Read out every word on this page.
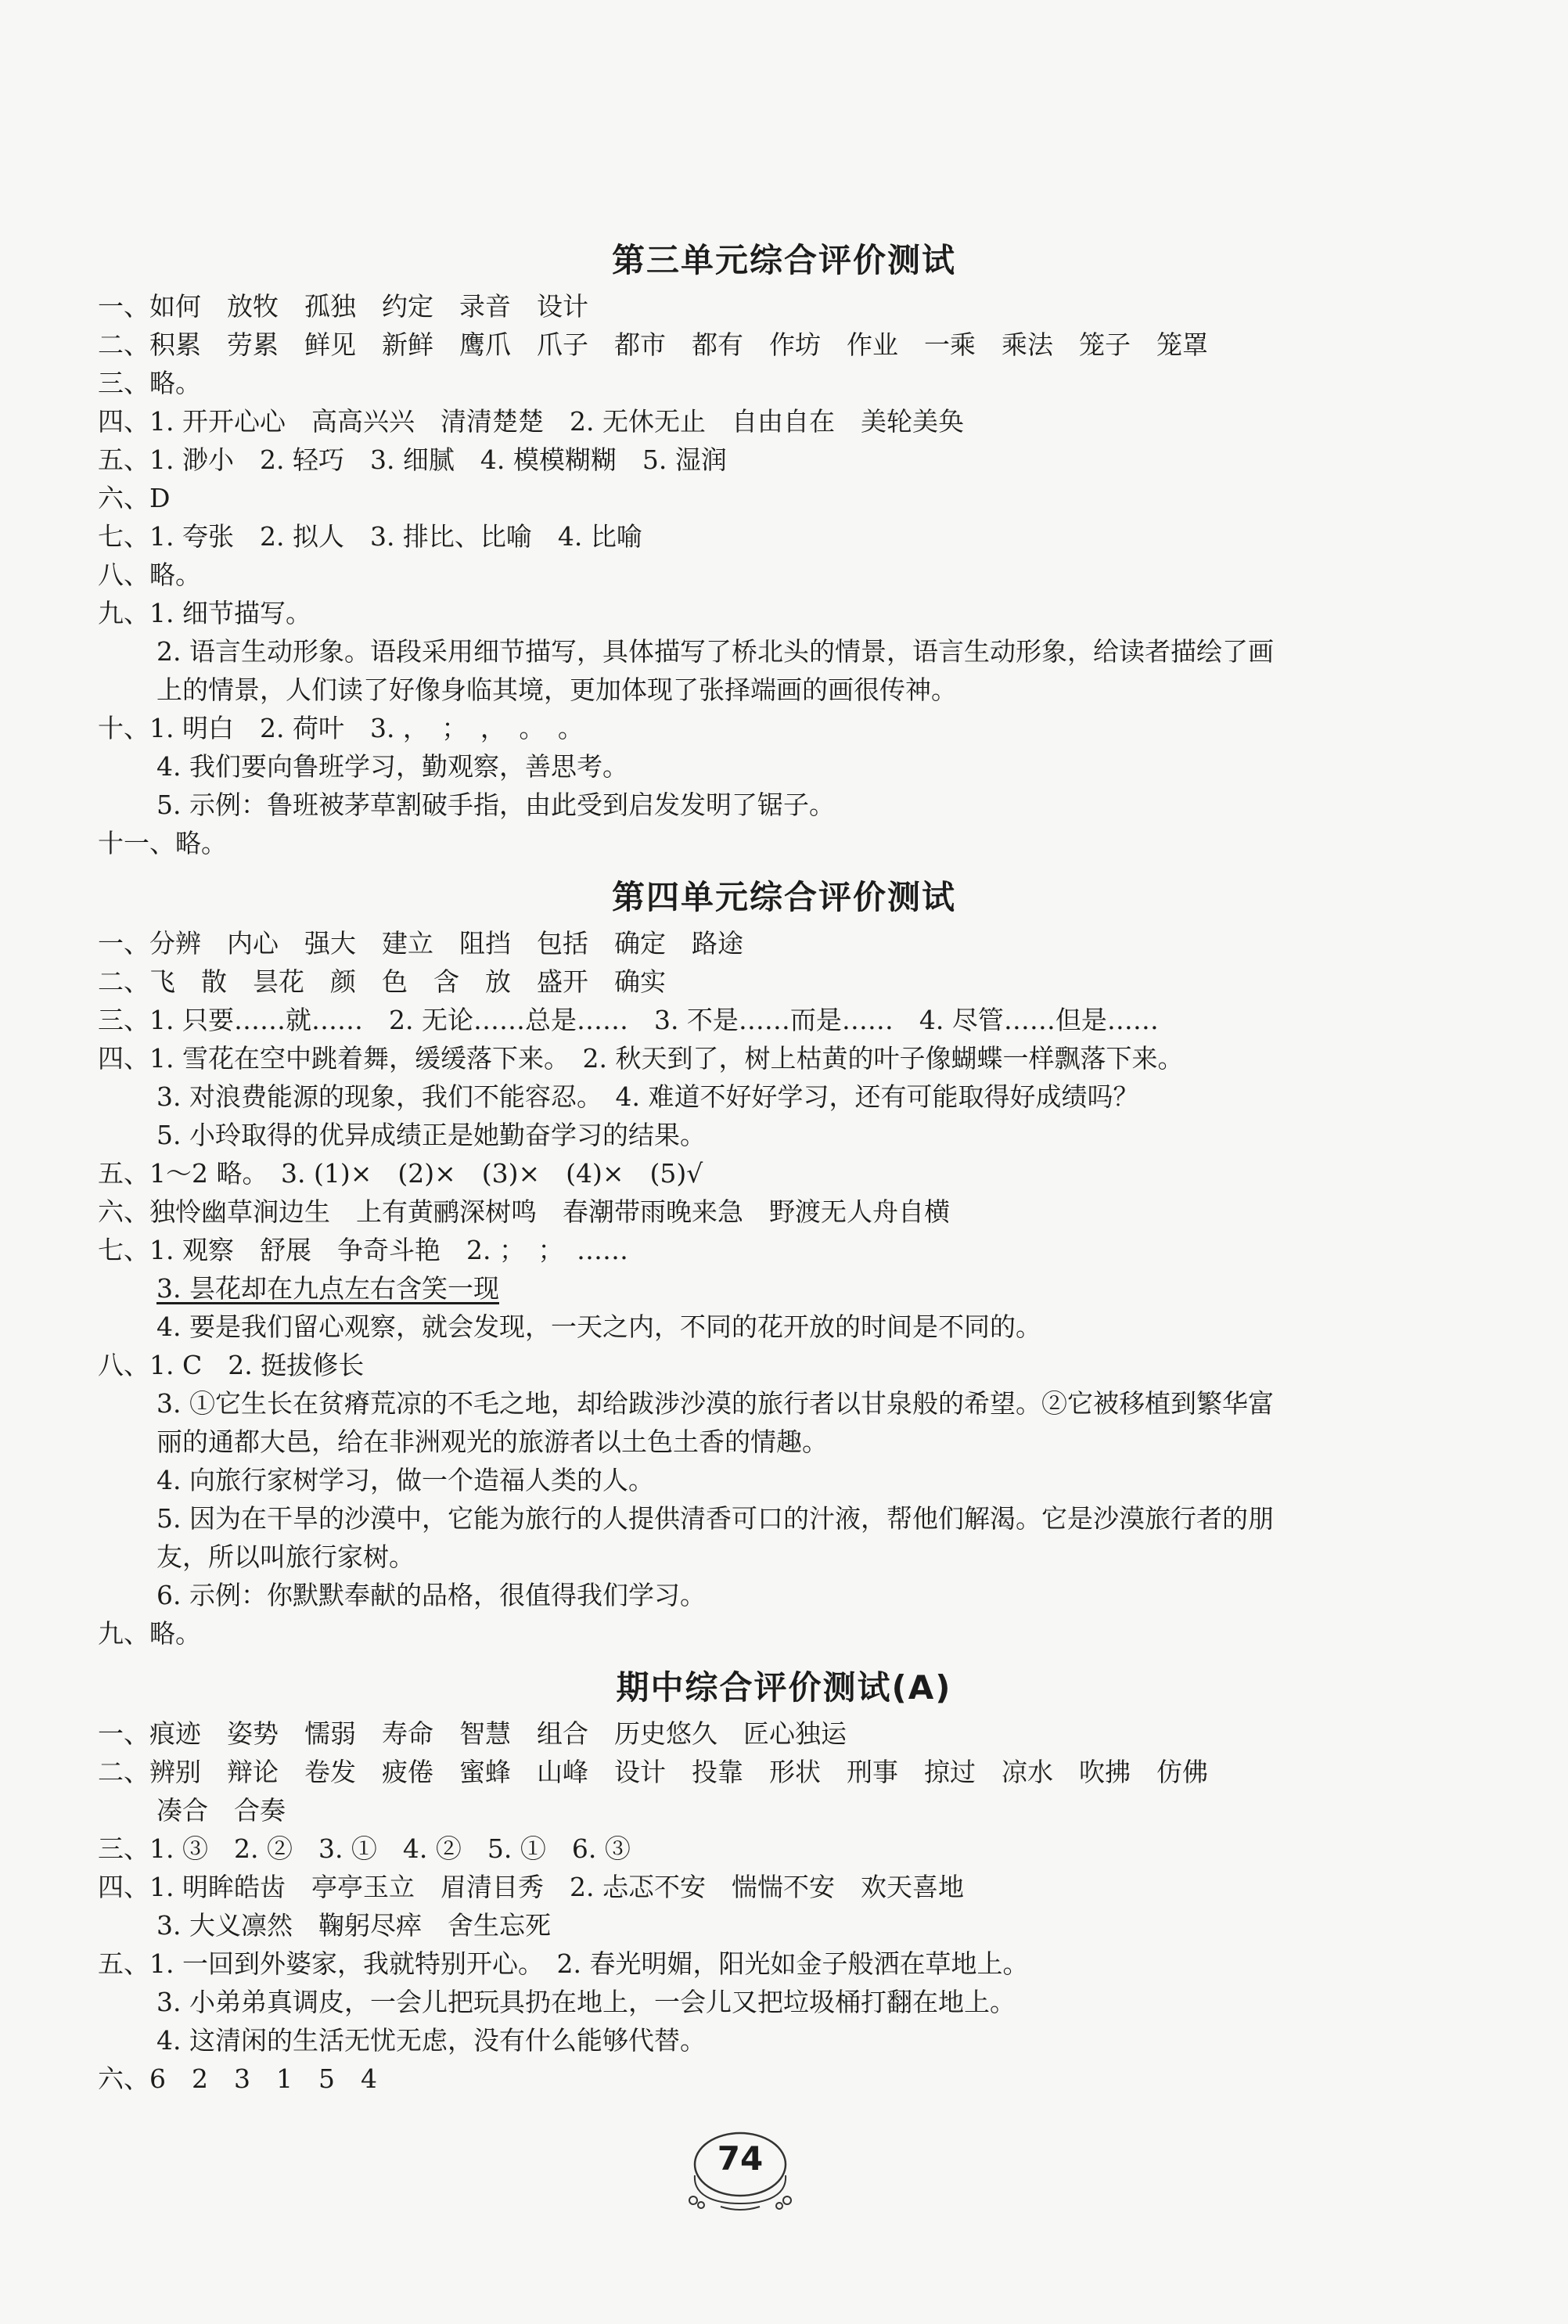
第三单元综合评价测试
一、如何　放牧　孤独　约定　录音　设计
二、积累　劳累　鲜见　新鲜　鹰爪　爪子　都市　都有　作坊　作业　一乘　乘法　笼子　笼罩
三、略。
四、1. 开开心心　高高兴兴　清清楚楚　2. 无休无止　自由自在　美轮美奂
五、1. 渺小　2. 轻巧　3. 细腻　4. 模模糊糊　5. 湿润
六、D
七、1. 夸张　2. 拟人　3. 排比、比喻　4. 比喻
八、略。
九、1. 细节描写。
2. 语言生动形象。语段采用细节描写，具体描写了桥北头的情景，语言生动形象，给读者描绘了画
上的情景，人们读了好像身临其境，更加体现了张择端画的画很传神。
十、1. 明白　2. 荷叶　3. ，　；　，　。　。
4. 我们要向鲁班学习，勤观察，善思考。
5. 示例：鲁班被茅草割破手指，由此受到启发发明了锯子。
十一、略。
第四单元综合评价测试
一、分辨　内心　强大　建立　阻挡　包括　确定　路途
二、飞　散　昙花　颜　色　含　放　盛开　确实
三、1. 只要……就……　2. 无论……总是……　3. 不是……而是……　4. 尽管……但是……
四、1. 雪花在空中跳着舞，缓缓落下来。　2. 秋天到了，树上枯黄的叶子像蝴蝶一样飘落下来。
3. 对浪费能源的现象，我们不能容忍。　4. 难道不好好学习，还有可能取得好成绩吗？
5. 小玲取得的优异成绩正是她勤奋学习的结果。
五、1～2 略。　3. (1)×　(2)×　(3)×　(4)×　(5)√
六、独怜幽草涧边生　上有黄鹂深树鸣　春潮带雨晚来急　野渡无人舟自横
七、1. 观察　舒展　争奇斗艳　2. ；　；　……
3. 昙花却在九点左右含笑一现
4. 要是我们留心观察，就会发现，一天之内，不同的花开放的时间是不同的。
八、1. C　2. 挺拔修长
3. ①它生长在贫瘠荒凉的不毛之地，却给跋涉沙漠的旅行者以甘泉般的希望。②它被移植到繁华富
丽的通都大邑，给在非洲观光的旅游者以土色土香的情趣。
4. 向旅行家树学习，做一个造福人类的人。
5. 因为在干旱的沙漠中，它能为旅行的人提供清香可口的汁液，帮他们解渴。它是沙漠旅行者的朋
友，所以叫旅行家树。
6. 示例：你默默奉献的品格，很值得我们学习。
九、略。
期中综合评价测试(A)
一、痕迹　姿势　懦弱　寿命　智慧　组合　历史悠久　匠心独运
二、辨别　辩论　卷发　疲倦　蜜蜂　山峰　设计　投靠　形状　刑事　掠过　凉水　吹拂　仿佛
凑合　合奏
三、1. ③　2. ②　3. ①　4. ②　5. ①　6. ③
四、1. 明眸皓齿　亭亭玉立　眉清目秀　2. 忐忑不安　惴惴不安　欢天喜地
3. 大义凛然　鞠躬尽瘁　舍生忘死
五、1. 一回到外婆家，我就特别开心。　2. 春光明媚，阳光如金子般洒在草地上。
3. 小弟弟真调皮，一会儿把玩具扔在地上，一会儿又把垃圾桶打翻在地上。
4. 这清闲的生活无忧无虑，没有什么能够代替。
六、6　2　3　1　5　4
74
